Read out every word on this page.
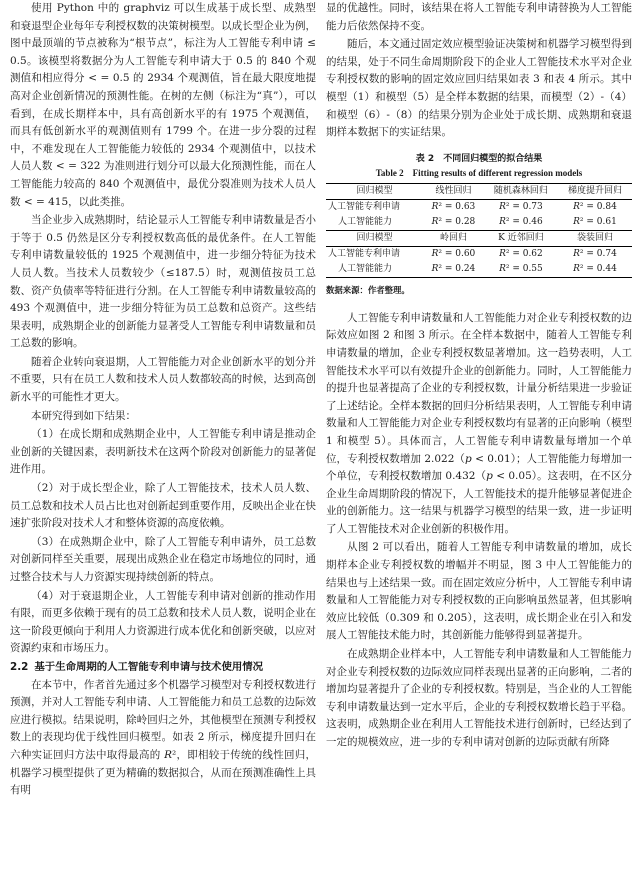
使用 Python 中的 graphviz 可以生成基于成长型、成熟型和衰退型企业每年专利授权数的决策树模型。以成长型企业为例，图中最顶端的节点被称为“根节点”，标注为人工智能专利申请 ≤ 0.5。该模型将数据分为人工智能专利申请大于 0.5 的 840 个观测值和相应得分 < = 0.5 的 2934 个观测值，旨在最大限度地提高对企业创新情况的预测性能。在树的左侧（标注为“真”），可以看到，在成长期样本中，具有高创新水平的有 1975 个观测值，而具有低创新水平的观测值则有 1799 个。在进一步分裂的过程中，不难发现在人工智能能力较低的 2934 个观测值中，以技术人员人数 < = 322 为准则进行划分可以最大化预测性能，而在人工智能能力较高的 840 个观测值中，最优分裂准则为技术人员人数 < = 415，以此类推。

当企业步入成熟期时，结论显示人工智能专利申请数量是否小于等于 0.5 仍然是区分专利授权数高低的最优条件。在人工智能专利申请数量较低的 1925 个观测值中，进一步细分特征为技术人员人数。当技术人员数较少（≤187.5）时，观测值按员工总数、资产负债率等特征进行分割。在人工智能专利申请数量较高的 493 个观测值中，进一步细分特征为员工总数和总资产。这些结果表明，成熟期企业的创新能力显著受人工智能专利申请数量和员工总数的影响。

随着企业转向衰退期，人工智能能力对企业创新水平的划分并不重要，只有在员工人数和技术人员人数都较高的时候，达到高创新水平的可能性才更大。

本研究得到如下结果：

（1）在成长期和成熟期企业中，人工智能专利申请是推动企业创新的关键因素，表明新技术在这两个阶段对创新能力的显著促进作用。

（2）对于成长型企业，除了人工智能技术，技术人员人数、员工总数和技术人员占比也对创新起到重要作用，反映出企业在快速扩张阶段对技术人才和整体资源的高度依赖。

（3）在成熟期企业中，除了人工智能专利申请外，员工总数对创新同样至关重要，展现出成熟企业在稳定市场地位的同时，通过整合技术与人力资源实现持续创新的特点。

（4）对于衰退期企业，人工智能专利申请对创新的推动作用有限，而更多依赖于现有的员工总数和技术人员人数，说明企业在这一阶段更倾向于利用人力资源进行成本优化和创新突破，以应对资源约束和市场压力。

2.2 基于生命周期的人工智能专利申请与技术使用情况

在本节中，作者首先通过多个机器学习模型对专利授权数进行预测，并对人工智能专利申请、人工智能能力和员工总数的边际效应进行模拟。结果说明，除岭回归之外，其他模型在预测专利授权数上的表现均优于线性回归模型。如表 2 所示，梯度提升回归在六种实证回归方法中取得最高的 R²，即相较于传统的线性回归，机器学习模型提供了更为精确的数据拟合，从而在预测准确性上具有明

显的优越性。同时，该结果在将人工智能专利申请替换为人工智能能力后依然保持不变。

随后，本文通过固定效应模型验证决策树和机器学习模型得到的结果，处于不同生命周期阶段下的企业人工智能技术水平对企业专利授权数的影响的固定效应回归结果如表 3 和表 4 所示。其中模型（1）和模型（5）是全样本数据的结果，而模型（2）-（4）和模型（6）-（8）的结果分别为企业处于成长期、成熟期和衰退期样本数据下的实证结果。

表 2　不同回归模型的拟合结果
Table 2　Fitting results of different regression models
回归模型	线性回归	随机森林回归	梯度提升回归
人工智能专利申请	R² = 0.63	R² = 0.73	R² = 0.84
人工智能能力	R² = 0.28	R² = 0.46	R² = 0.61
回归模型	岭回归	K 近邻回归	袋装回归
人工智能专利申请	R² = 0.60	R² = 0.62	R² = 0.74
人工智能能力	R² = 0.24	R² = 0.55	R² = 0.44
数据来源：作者整理。

人工智能专利申请数量和人工智能能力对企业专利授权数的边际效应如图 2 和图 3 所示。在全样本数据中，随着人工智能专利申请数量的增加，企业专利授权数显著增加。这一趋势表明，人工智能技术水平可以有效提升企业的创新能力。同时，人工智能能力的提升也显著提高了企业的专利授权数，计量分析结果进一步验证了上述结论。全样本数据的回归分析结果表明，人工智能专利申请数量和人工智能能力对企业专利授权数均有显著的正向影响（模型 1 和模型 5）。具体而言，人工智能专利申请数量每增加一个单位，专利授权数增加 2.022（p < 0.01）；人工智能能力每增加一个单位，专利授权数增加 0.432（p < 0.05）。这表明，在不区分企业生命周期阶段的情况下，人工智能技术的提升能够显著促进企业的创新能力。这一结果与机器学习模型的结果一致，进一步证明了人工智能技术对企业创新的积极作用。

从图 2 可以看出，随着人工智能专利申请数量的增加，成长期样本企业专利授权数的增幅并不明显，图 3 中人工智能能力的结果也与上述结果一致。而在固定效应分析中，人工智能专利申请数量和人工智能能力对专利授权数的正向影响虽然显著，但其影响效应比较低（0.309 和 0.205），这表明，成长期企业在引入和发展人工智能技术能力时，其创新能力能够得到显著提升。

在成熟期企业样本中，人工智能专利申请数量和人工智能能力对企业专利授权数的边际效应同样表现出显著的正向影响，二者的增加均显著提升了企业的专利授权数。特别是，当企业的人工智能专利申请数量达到一定水平后，企业的专利授权数增长趋于平稳。这表明，成熟期企业在利用人工智能技术进行创新时，已经达到了一定的规模效应，进一步的专利申请对创新的边际贡献有所降
